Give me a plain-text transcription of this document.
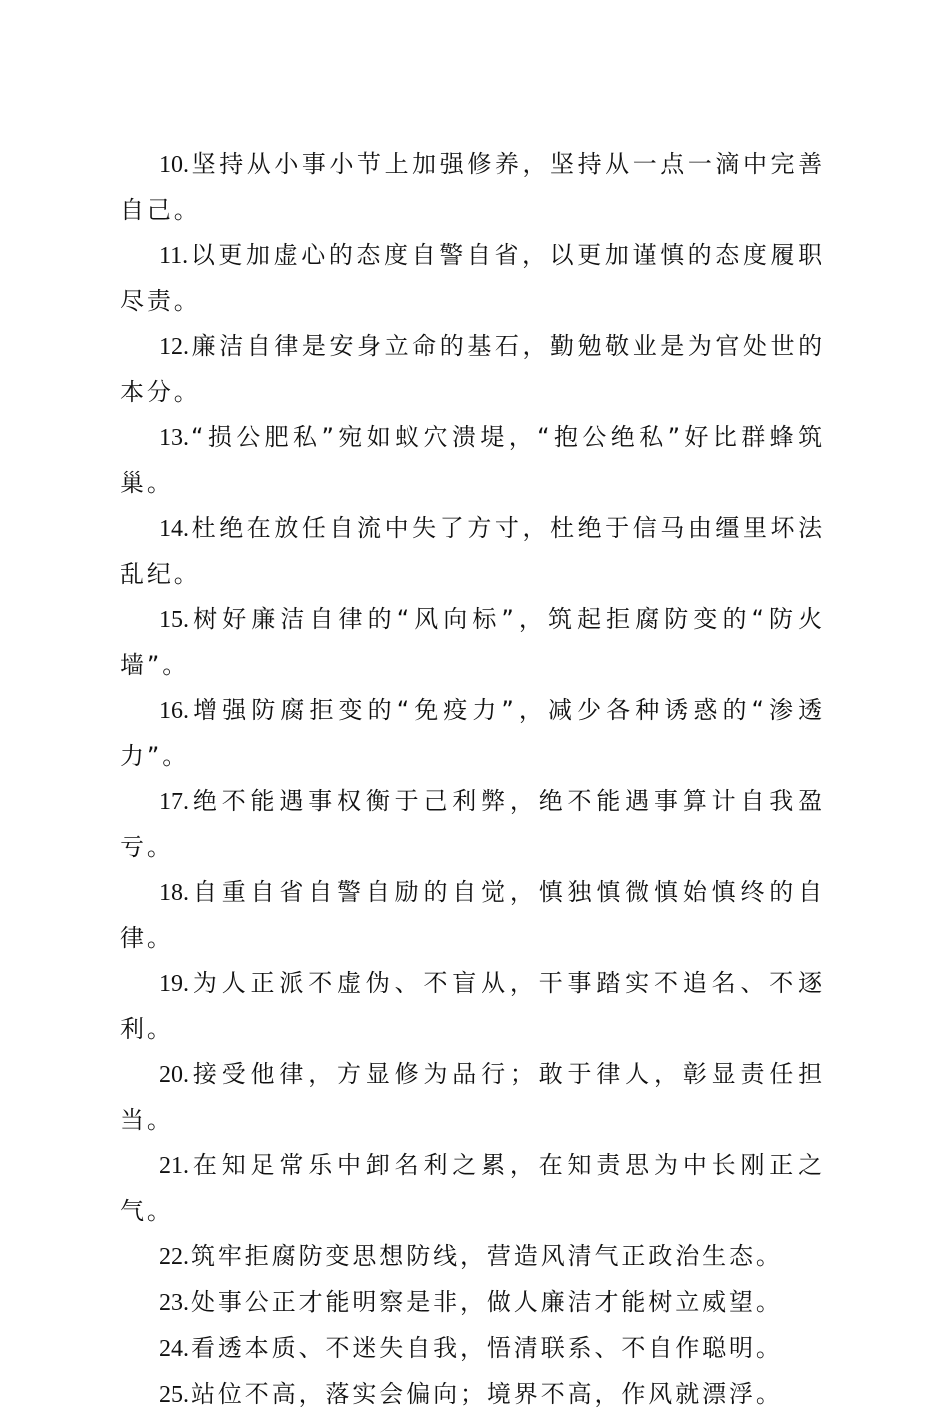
10.坚持从小事小节上加强修养，坚持从一点一滴中完善自己。

11.以更加虚心的态度自警自省，以更加谨慎的态度履职尽责。

12.廉洁自律是安身立命的基石，勤勉敬业是为官处世的本分。

13.“损公肥私”宛如蚁穴溃堤，“抱公绝私”好比群蜂筑巢。

14.杜绝在放任自流中失了方寸，杜绝于信马由缰里坏法乱纪。

15.树好廉洁自律的“风向标”，筑起拒腐防变的“防火墙”。

16.增强防腐拒变的“免疫力”，减少各种诱惑的“渗透力”。

17.绝不能遇事权衡于己利弊，绝不能遇事算计自我盈亏。

18.自重自省自警自励的自觉，慎独慎微慎始慎终的自律。

19.为人正派不虚伪、不盲从，干事踏实不追名、不逐利。

20.接受他律，方显修为品行；敢于律人，彰显责任担当。

21.在知足常乐中卸名利之累，在知责思为中长刚正之气。

22.筑牢拒腐防变思想防线，营造风清气正政治生态。

23.处事公正才能明察是非，做人廉洁才能树立威望。

24.看透本质、不迷失自我，悟清联系、不自作聪明。

25.站位不高，落实会偏向；境界不高，作风就漂浮。
